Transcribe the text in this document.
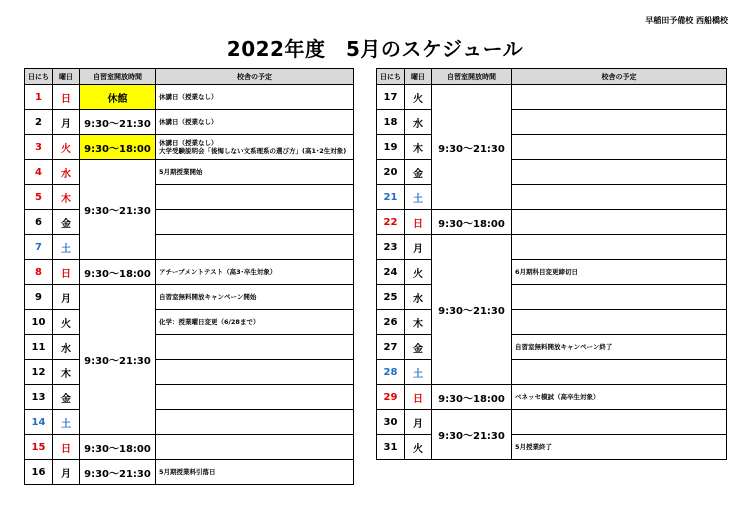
早稲田予備校 西船橋校
2022年度　5月のスケジュール
日にち	曜日	自習室開放時間	校舎の予定
1	日	休館	休講日（授業なし）

2	月	9:30～21:30	休講日（授業なし）

3	火	9:30～18:00	休講日（授業なし）
大学受験説明会「後悔しない文系理系の選び方」(高1･2生対象)

4	水	9:30～21:30	5月期授業開始

5	木		

6	金		

7	土		

8	日	9:30～18:00	アチーブメントテスト（高3･卒生対象）

9	月	9:30～21:30	自習室無料開放キャンペーン開始

10	火		化学：授業曜日変更（6/28まで）

11	水		

12	木		

13	金		

14	土		

15	日	9:30～18:00	

16	月	9:30～21:30	5月期授業料引落日
日にち	曜日	自習室開放時間	校舎の予定
17	火	9:30～21:30	

18	水		

19	木		

20	金		

21	土		

22	日	9:30～18:00	

23	月	9:30～21:30	

24	火		6月期科目変更締切日

25	水		

26	木		

27	金		自習室無料開放キャンペーン終了

28	土		

29	日	9:30～18:00	ベネッセ模試（高卒生対象）

30	月	9:30～21:30	

31	火		5月授業終了
